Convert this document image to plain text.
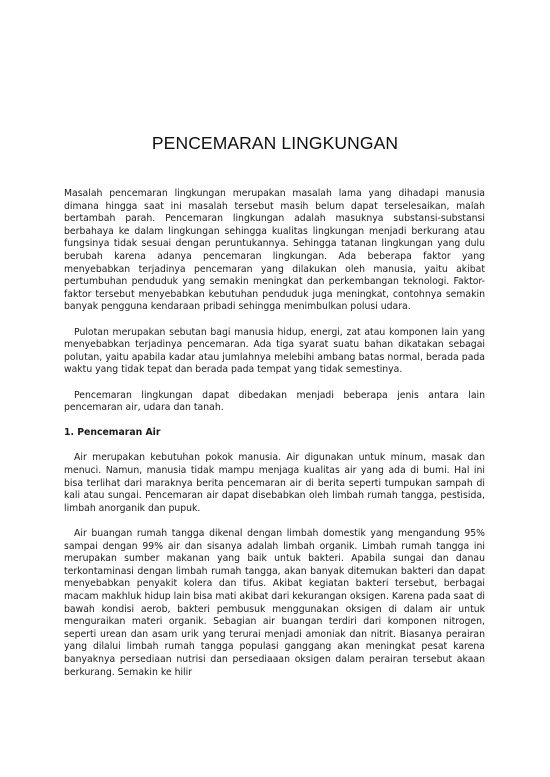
PENCEMARAN LINGKUNGAN

Masalah pencemaran lingkungan merupakan masalah lama yang dihadapi manusia dimana hingga saat ini masalah tersebut masih belum dapat terselesaikan, malah bertambah parah. Pencemaran lingkungan adalah masuknya substansi-substansi berbahaya ke dalam lingkungan sehingga kualitas lingkungan menjadi berkurang atau fungsinya tidak sesuai dengan peruntukannya. Sehingga tatanan lingkungan yang dulu berubah karena adanya pencemaran lingkungan. Ada beberapa faktor yang menyebabkan terjadinya pencemaran yang dilakukan oleh manusia, yaitu akibat pertumbuhan penduduk yang semakin meningkat dan perkembangan teknologi. Faktor-faktor tersebut menyebabkan kebutuhan penduduk juga meningkat, contohnya semakin banyak pengguna kendaraan pribadi sehingga menimbulkan polusi udara.

Pulotan merupakan sebutan bagi manusia hidup, energi, zat atau komponen lain yang menyebabkan terjadinya pencemaran. Ada tiga syarat suatu bahan dikatakan sebagai polutan, yaitu apabila kadar atau jumlahnya melebihi ambang batas normal, berada pada waktu yang tidak tepat dan berada pada tempat yang tidak semestinya.

Pencemaran lingkungan dapat dibedakan menjadi beberapa jenis antara lain pencemaran air, udara dan tanah.

1. Pencemaran Air

Air merupakan kebutuhan pokok manusia. Air digunakan untuk minum, masak dan menuci. Namun, manusia tidak mampu menjaga kualitas air yang ada di bumi. Hal ini bisa terlihat dari maraknya berita pencemaran air di berita seperti tumpukan sampah di kali atau sungai. Pencemaran air dapat disebabkan oleh limbah rumah tangga, pestisida, limbah anorganik dan pupuk.

Air buangan rumah tangga dikenal dengan limbah domestik yang mengandung 95% sampai dengan 99% air dan sisanya adalah limbah organik. Limbah rumah tangga ini merupakan sumber makanan yang baik untuk bakteri. Apabila sungai dan danau terkontaminasi dengan limbah rumah tangga, akan banyak ditemukan bakteri dan dapat menyebabkan penyakit kolera dan tifus. Akibat kegiatan bakteri tersebut, berbagai macam makhluk hidup lain bisa mati akibat dari kekurangan oksigen. Karena pada saat di bawah kondisi aerob, bakteri pembusuk menggunakan oksigen di dalam air untuk menguraikan materi organik. Sebagian air buangan terdiri dari komponen nitrogen, seperti urean dan asam urik yang terurai menjadi amoniak dan nitrit. Biasanya perairan yang dilalui limbah rumah tangga populasi ganggang akan meningkat pesat karena banyaknya persediaan nutrisi dan persediaaan oksigen dalam perairan tersebut akaan berkurang. Semakin ke hilir
